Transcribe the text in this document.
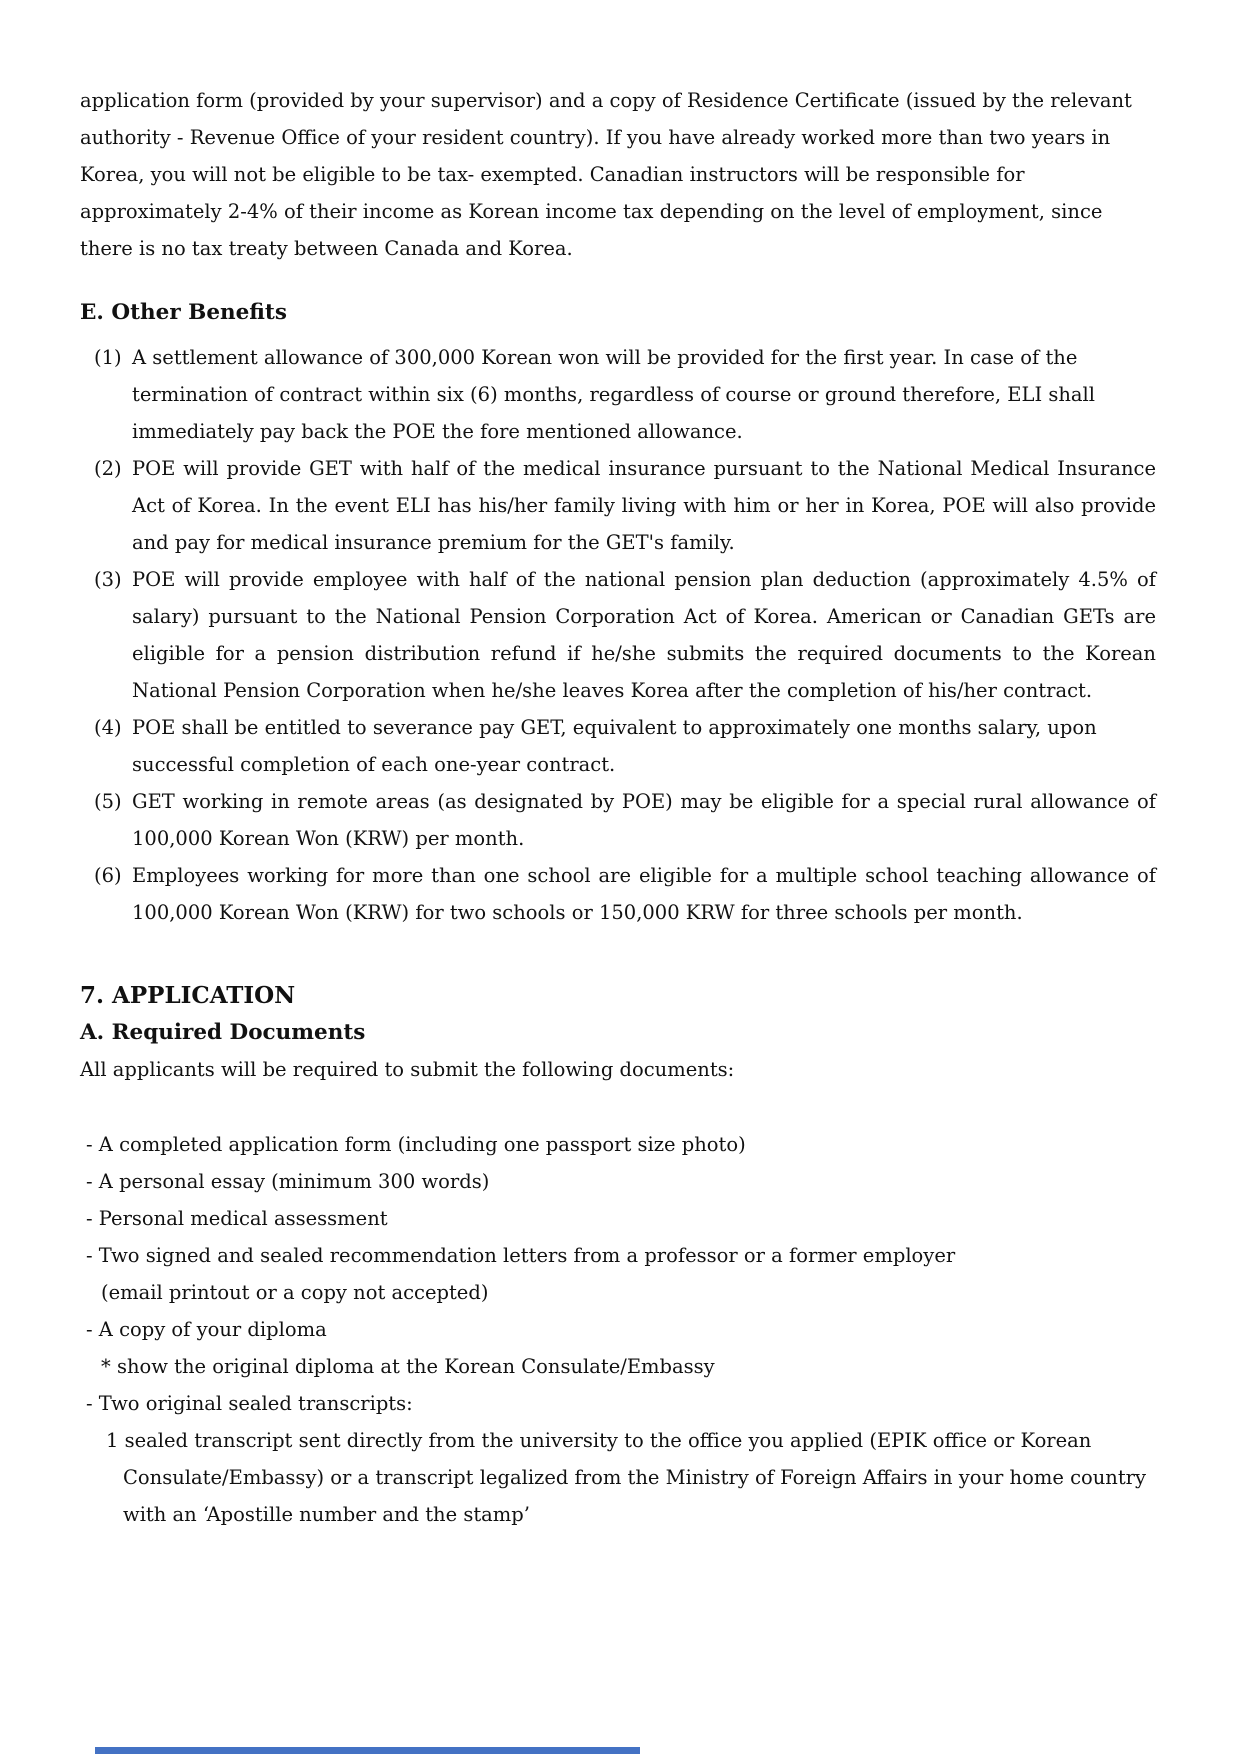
application form (provided by your supervisor) and a copy of Residence Certificate (issued by the relevant authority - Revenue Office of your resident country). If you have already worked more than two years in Korea, you will not be eligible to be tax- exempted. Canadian instructors will be responsible for approximately 2-4% of their income as Korean income tax depending on the level of employment, since there is no tax treaty between Canada and Korea.

E. Other Benefits
(1) A settlement allowance of 300,000 Korean won will be provided for the first year. In case of the termination of contract within six (6) months, regardless of course or ground therefore, ELI shall immediately pay back the POE the fore mentioned allowance.
(2) POE will provide GET with half of the medical insurance pursuant to the National Medical Insurance Act of Korea. In the event ELI has his/her family living with him or her in Korea, POE will also provide and pay for medical insurance premium for the GET's family.
(3) POE will provide employee with half of the national pension plan deduction (approximately 4.5% of salary) pursuant to the National Pension Corporation Act of Korea. American or Canadian GETs are eligible for a pension distribution refund if he/she submits the required documents to the Korean National Pension Corporation when he/she leaves Korea after the completion of his/her contract.
(4) POE shall be entitled to severance pay GET, equivalent to approximately one months salary, upon successful completion of each one-year contract.
(5) GET working in remote areas (as designated by POE) may be eligible for a special rural allowance of 100,000 Korean Won (KRW) per month.
(6) Employees working for more than one school are eligible for a multiple school teaching allowance of 100,000 Korean Won (KRW) for two schools or 150,000 KRW for three schools per month.
7. APPLICATION
A. Required Documents

All applicants will be required to submit the following documents:

- A completed application form (including one passport size photo)
- A personal essay (minimum 300 words)
- Personal medical assessment
- Two signed and sealed recommendation letters from a professor or a former employer
(email printout or a copy not accepted)
- A copy of your diploma
* show the original diploma at the Korean Consulate/Embassy
- Two original sealed transcripts:
1 sealed transcript sent directly from the university to the office you applied (EPIK office or Korean Consulate/Embassy) or a transcript legalized from the Ministry of Foreign Affairs in your home country with an ‘Apostille number and the stamp’
